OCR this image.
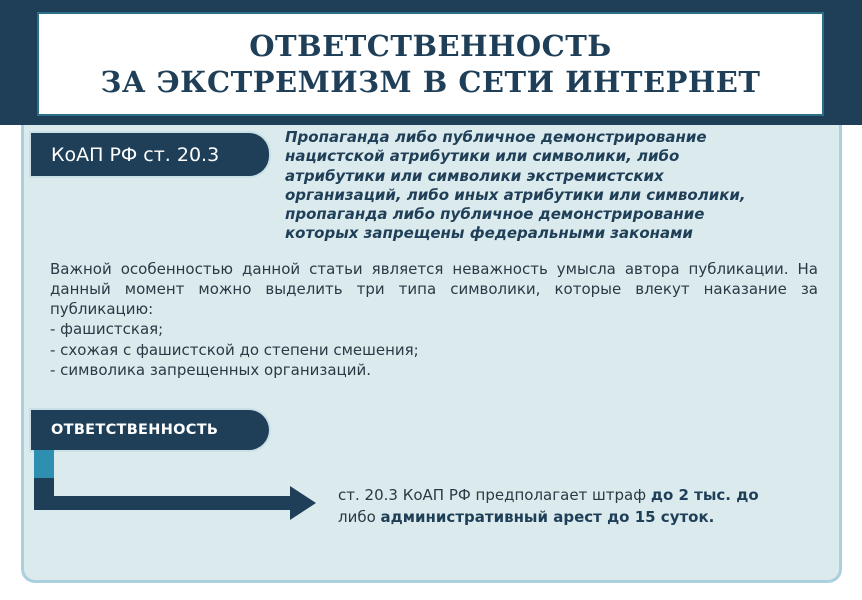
ОТВЕТСТВЕННОСТЬ
ЗА ЭКСТРЕМИЗМ В СЕТИ ИНТЕРНЕТ
КоАП РФ ст. 20.3

Пропаганда либо публичное демонстрирование
нацистской атрибутики или символики, либо
атрибутики или символики экстремистских
организаций, либо иных атрибутики или символики,
пропаганда либо публичное демонстрирование
которых запрещены федеральными законами

Важной особенностью данной статьи является неважность умысла автора публикации. На данный момент можно выделить три типа символики, которые влекут наказание за публикацию:

- фашистская;
- схожая с фашистской до степени смешения;
- символика запрещенных организаций.
ОТВЕТСТВЕННОСТЬ

ст. 20.3 КоАП РФ предполагает штраф до 2 тыс. до
либо административный арест до 15 суток.
